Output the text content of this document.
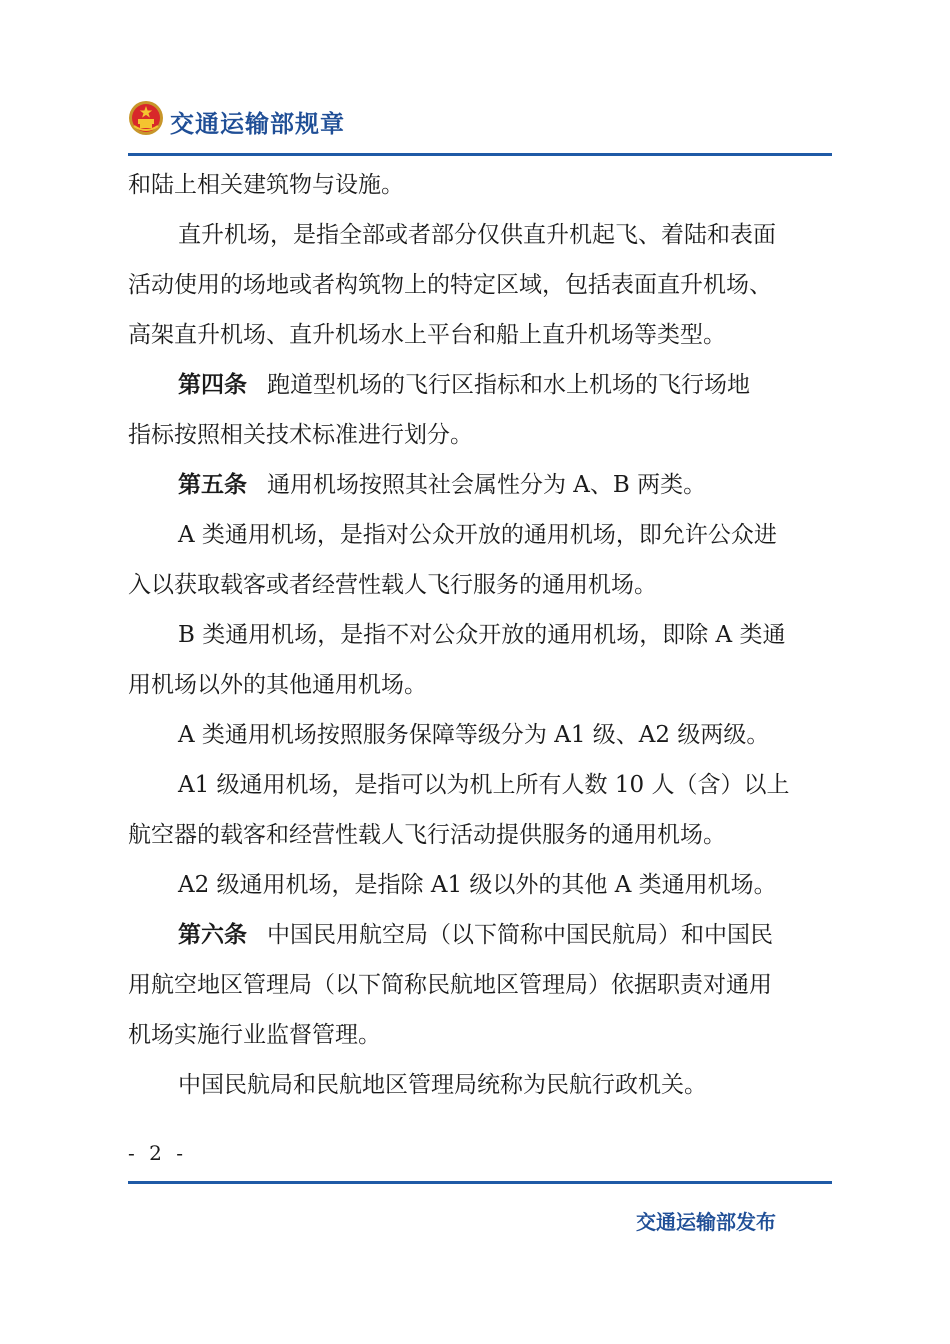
交通运输部规章
和陆上相关建筑物与设施。
直升机场，是指全部或者部分仅供直升机起飞、着陆和表面
活动使用的场地或者构筑物上的特定区域，包括表面直升机场、
高架直升机场、直升机场水上平台和船上直升机场等类型。
第四条 跑道型机场的飞行区指标和水上机场的飞行场地
指标按照相关技术标准进行划分。
第五条 通用机场按照其社会属性分为 A、B 两类。
A 类通用机场，是指对公众开放的通用机场，即允许公众进
入以获取载客或者经营性载人飞行服务的通用机场。
B 类通用机场，是指不对公众开放的通用机场，即除 A 类通
用机场以外的其他通用机场。
A 类通用机场按照服务保障等级分为 A1 级、A2 级两级。
A1 级通用机场，是指可以为机上所有人数 10 人（含）以上
航空器的载客和经营性载人飞行活动提供服务的通用机场。
A2 级通用机场，是指除 A1 级以外的其他 A 类通用机场。
第六条 中国民用航空局（以下简称中国民航局）和中国民
用航空地区管理局（以下简称民航地区管理局）依据职责对通用
机场实施行业监督管理。
中国民航局和民航地区管理局统称为民航行政机关。
- 2 -
交通运输部发布
